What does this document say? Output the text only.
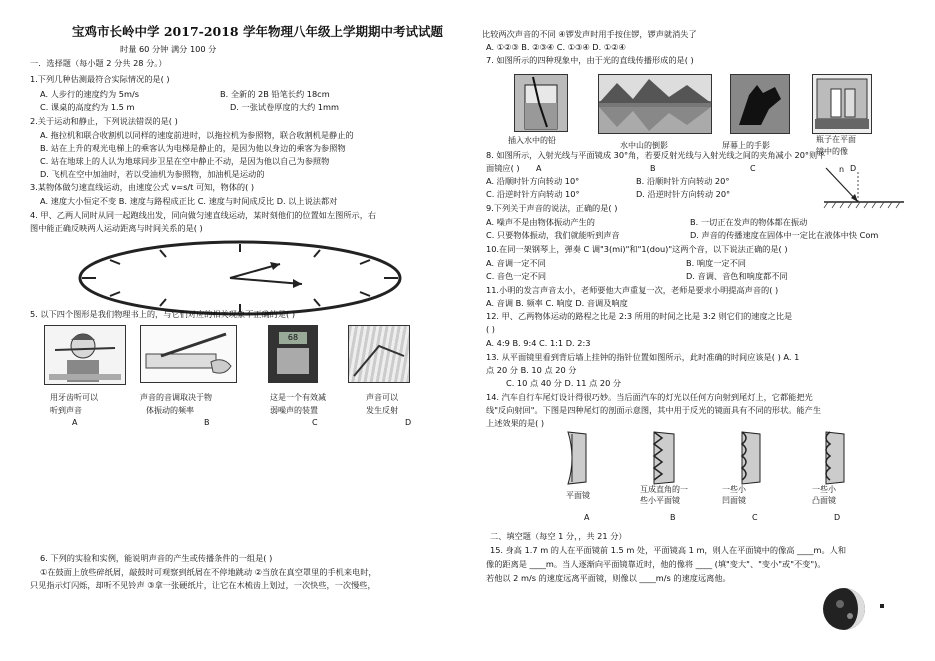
宝鸡市长岭中学 2017-2018 学年物理八年级上学期期中考试试题
时量 60 分钟 满分 100 分
一．选择题（每小题 2 分共 28 分。）
1.下列几种估测最符合实际情况的是( )
A. 人步行的速度约为 5m/s	B. 全新的 2B 铅笔长约 18cm
C. 课桌的高度约为 1.5 m	D. 一张试卷厚度的大约 1mm
2.关于运动和静止，下列说法错误的是( )
A. 拖拉机和联合收割机以同样的速度前进时，以拖拉机为参照物，联合收割机是静止的
B. 站在上升的观光电梯上的乘客认为电梯是静止的，是因为他以身边的乘客为参照物
C. 站在地球上的人认为地球同步卫星在空中静止不动，是因为他以自己为参照物
D. 飞机在空中加油时，若以受油机为参照物，加油机是运动的
3.某物体做匀速直线运动，由速度公式 v=s/t 可知，物体的( )
A. 速度大小恒定不变 B. 速度与路程成正比 C. 速度与时间成反比 D. 以上说法都对
4. 甲、乙两人同时从同一起跑线出发，同向做匀速直线运动，某时刻他们的位置如左图所示，右
图中能正确反映两人运动距离与时间关系的是( )
5. 以下四个图形是我们物理书上的，与它们对应的相关现象不正确的是( )
68
用牙齿听可以
听到声音
A
声音的音调取决于物
体振动的频率
B
这是一个有效减
弱噪声的装置
C
声音可以
发生反射
D
6. 下列的实验和实例，能说明声音的产生或传播条件的一组是( )
①在鼓面上放些碎纸屑，敲鼓时可观察到纸屑在不停地跳动 ②当放在真空罩里的手机来电时，
只见指示灯闪烁，却听不见铃声 ③拿一张硬纸片，让它在木梳齿上划过，一次快些，一次慢些，
比较两次声音的不同 ④锣发声时用手按住锣，锣声就消失了
A. ①②③ B. ②③④ C. ①③④ D. ①②④
7. 如图所示的四种现象中，由于光的直线传播形成的是( )
插入水中的铅
A
水中山的倒影
B
屏幕上的手影
C
瓶子在平面
镜中的像
D
8. 如图所示，入射光线与平面镜成 30°角，若要反射光线与入射光线之间的夹角减小 20°则平
面镜应( )	n
A. 沿顺时针方向转动 10°	B. 沿顺时针方向转动 20°
C. 沿逆时针方向转动 10°	D. 沿逆时针方向转动 20°
9.下列关于声音的说法，正确的是( )
A. 噪声不是由物体振动产生的	B. 一切正在发声的物体都在振动
C. 只要物体振动，我们就能听到声音	D. 声音的传播速度在固体中一定比在液体中快 Com
10.在同一架钢琴上，弹奏 C 调"3(mi)"和"1(dou)"这两个音，以下说法正确的是( )
A. 音调一定不同	B. 响度一定不同
C. 音色一定不同	D. 音调、音色和响度都不同
11.小明的发言声音太小，老师要他大声重复一次，老师是要求小明提高声音的( )
A. 音调 B. 频率 C. 响度 D. 音调及响度
12. 甲、乙两物体运动的路程之比是 2:3 所用的时间之比是 3:2 则它们的速度之比是
( )
A. 4:9 B. 9:4 C. 1:1 D. 2:3
13. 从平面镜里看到背后墙上挂钟的指针位置如图所示，此时准确的时间应该是( ) A. 1
点 20 分 B. 10 点 20 分
C. 10 点 40 分 D. 11 点 20 分
14. 汽车自行车尾灯设计得很巧妙。当后面汽车的灯光以任何方向射到尾灯上，它都能把光
线"反向射回"。下图是四种尾灯的剖面示意图，其中用于反光的镜面具有不同的形状。能产生
上述效果的是( )
平面镜
A
互成直角的一
些小平面镜
B
一些小
凹面镜
C
一些小
凸面镜
D
二、填空题（每空 1 分，，共 21 分）
15. 身高 1.7 m 的人在平面镜前 1.5 m 处，平面镜高 1 m，则人在平面镜中的像高 ____m。人和
像的距离是 ____m。当人逐渐向平面镜靠近时，他的像将 ____ (填"变大"、"变小"或"不变")。
若他以 2 m/s 的速度远离平面镜，则像以 ____m/s 的速度远离他。
